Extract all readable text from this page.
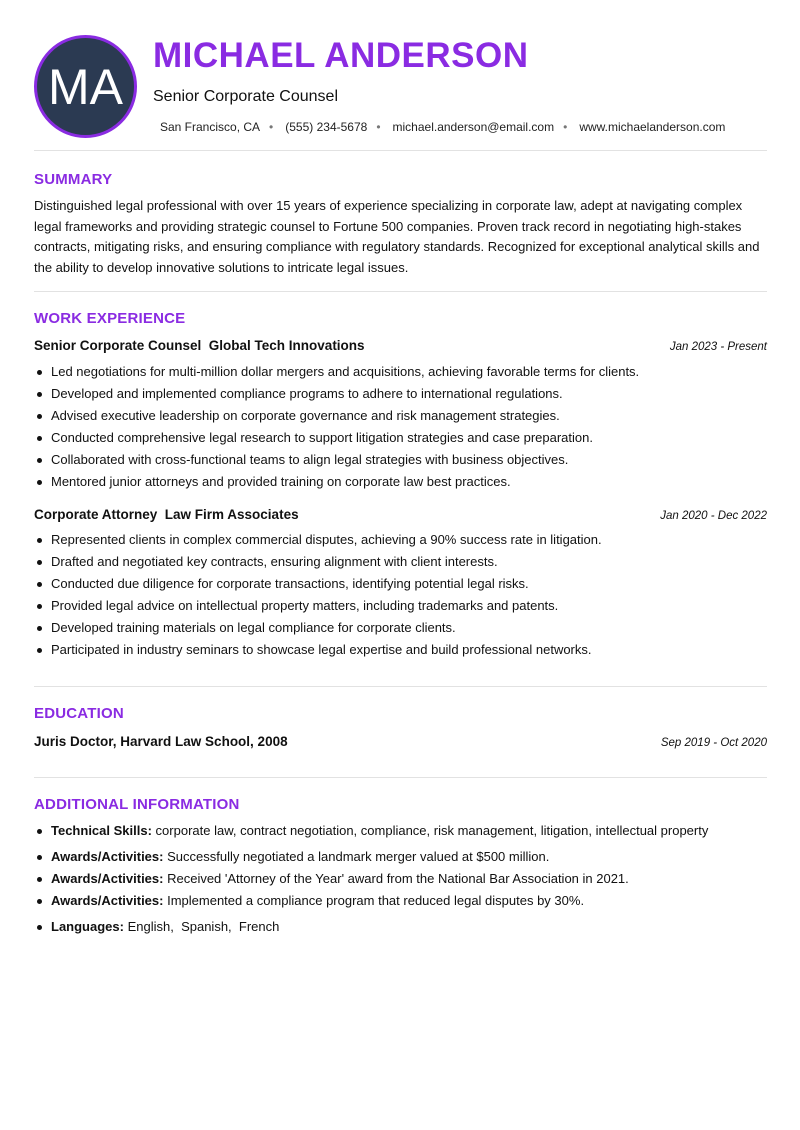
MA
MICHAEL ANDERSON
Senior Corporate Counsel
San Francisco, CA • (555) 234-5678 • michael.anderson@email.com • www.michaelanderson.com
SUMMARY
Distinguished legal professional with over 15 years of experience specializing in corporate law, adept at navigating complex legal frameworks and providing strategic counsel to Fortune 500 companies. Proven track record in negotiating high-stakes contracts, mitigating risks, and ensuring compliance with regulatory standards. Recognized for exceptional analytical skills and the ability to develop innovative solutions to intricate legal issues.
WORK EXPERIENCE
Senior Corporate Counsel Global Tech Innovations	Jan 2023 - Present
Led negotiations for multi-million dollar mergers and acquisitions, achieving favorable terms for clients.
Developed and implemented compliance programs to adhere to international regulations.
Advised executive leadership on corporate governance and risk management strategies.
Conducted comprehensive legal research to support litigation strategies and case preparation.
Collaborated with cross-functional teams to align legal strategies with business objectives.
Mentored junior attorneys and provided training on corporate law best practices.
Corporate Attorney Law Firm Associates	Jan 2020 - Dec 2022
Represented clients in complex commercial disputes, achieving a 90% success rate in litigation.
Drafted and negotiated key contracts, ensuring alignment with client interests.
Conducted due diligence for corporate transactions, identifying potential legal risks.
Provided legal advice on intellectual property matters, including trademarks and patents.
Developed training materials on legal compliance for corporate clients.
Participated in industry seminars to showcase legal expertise and build professional networks.
EDUCATION
Juris Doctor, Harvard Law School, 2008	Sep 2019 - Oct 2020
ADDITIONAL INFORMATION
Technical Skills: corporate law, contract negotiation, compliance, risk management, litigation, intellectual property
Awards/Activities: Successfully negotiated a landmark merger valued at $500 million.
Awards/Activities: Received 'Attorney of the Year' award from the National Bar Association in 2021.
Awards/Activities: Implemented a compliance program that reduced legal disputes by 30%.
Languages: English,  Spanish,  French
